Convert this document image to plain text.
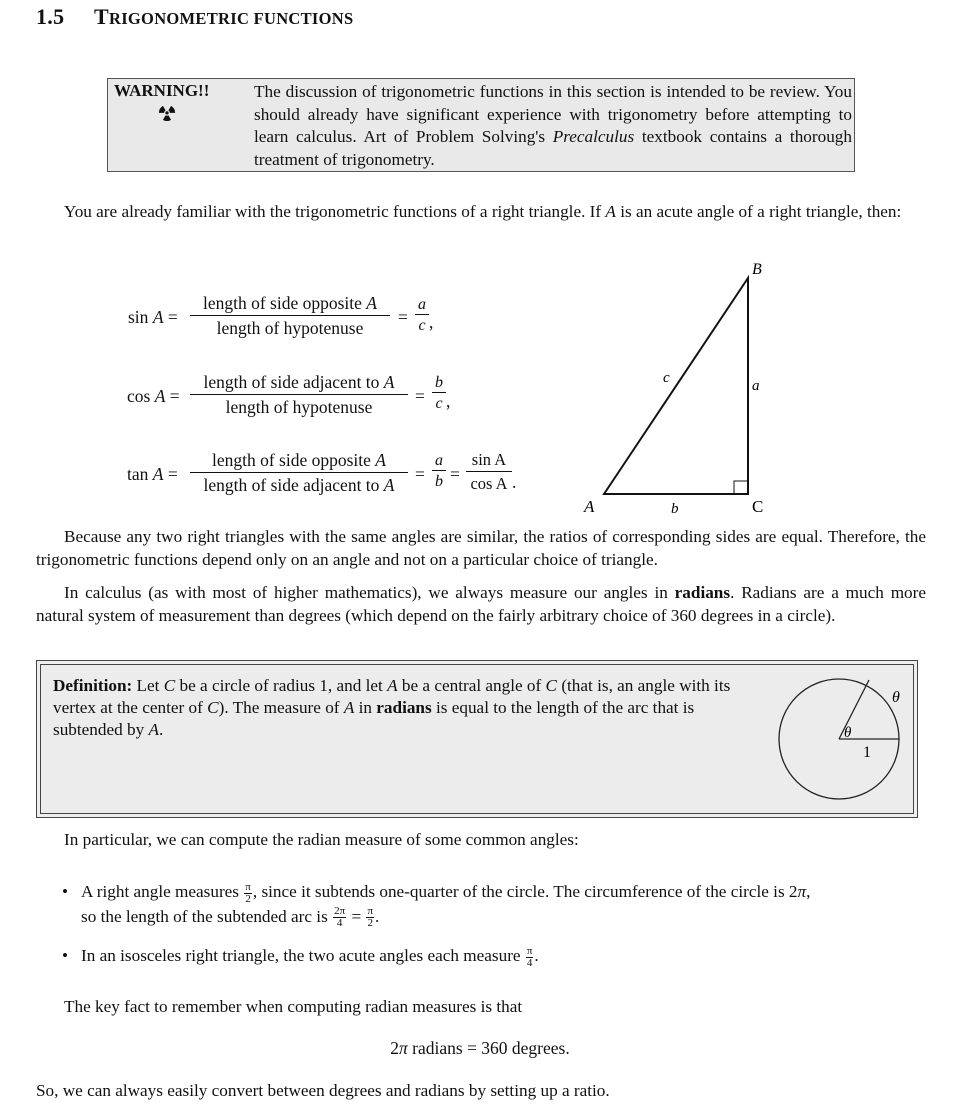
1.5 TRIGONOMETRIC FUNCTIONS
WARNING!!	The discussion of trigonometric functions in this section is intended to be review. You should already have significant experience with trigonometry before attempting to learn calculus. Art of Problem Solving's Precalculus textbook contains a thorough treatment of trigonometry.
You are already familiar with the trigonometric functions of a right triangle. If A is an acute angle of a right triangle, then:
sin A =
length of side opposite A
length of hypotenuse
= $\frac{a}{c}$ ,
cos A =
length of side adjacent to A
length of hypotenuse
= $\frac{b}{c}$ ,
tan A =
length of side opposite A
length of side adjacent to A
= $\frac{a}{b} = \frac{\text{sin A}}{\text{cos A}}$ .
B
A	C
a
b
c
Because any two right triangles with the same angles are similar, the ratios of corresponding sides are equal. Therefore, the trigonometric functions depend only on an angle and not on a particular choice of triangle.
In calculus (as with most of higher mathematics), we always measure our angles in radians. Radians are a much more natural system of measurement than degrees (which depend on the fairly arbitrary choice of 360 degrees in a circle).
Definition: Let C be a circle of radius 1, and let A be a central angle of C (that is, an angle with its vertex at the center of C). The measure of A in radians is equal to the length of the arc that is subtended by A.	θ
θ
1
In particular, we can compute the radian measure of some common angles:
• A right angle measures $\frac{\pi}{2}$ , since it subtends one-quarter of the circle. The circumference of the circle is 2π,
so the length of the subtended arc is $\frac{2\pi}{4} = \frac{\pi}{2}$ .
• In an isosceles right triangle, the two acute angles each measure $\frac{\pi}{4}$ .
The key fact to remember when computing radian measures is that
2π radians = 360 degrees.
So, we can always easily convert between degrees and radians by setting up a ratio.
